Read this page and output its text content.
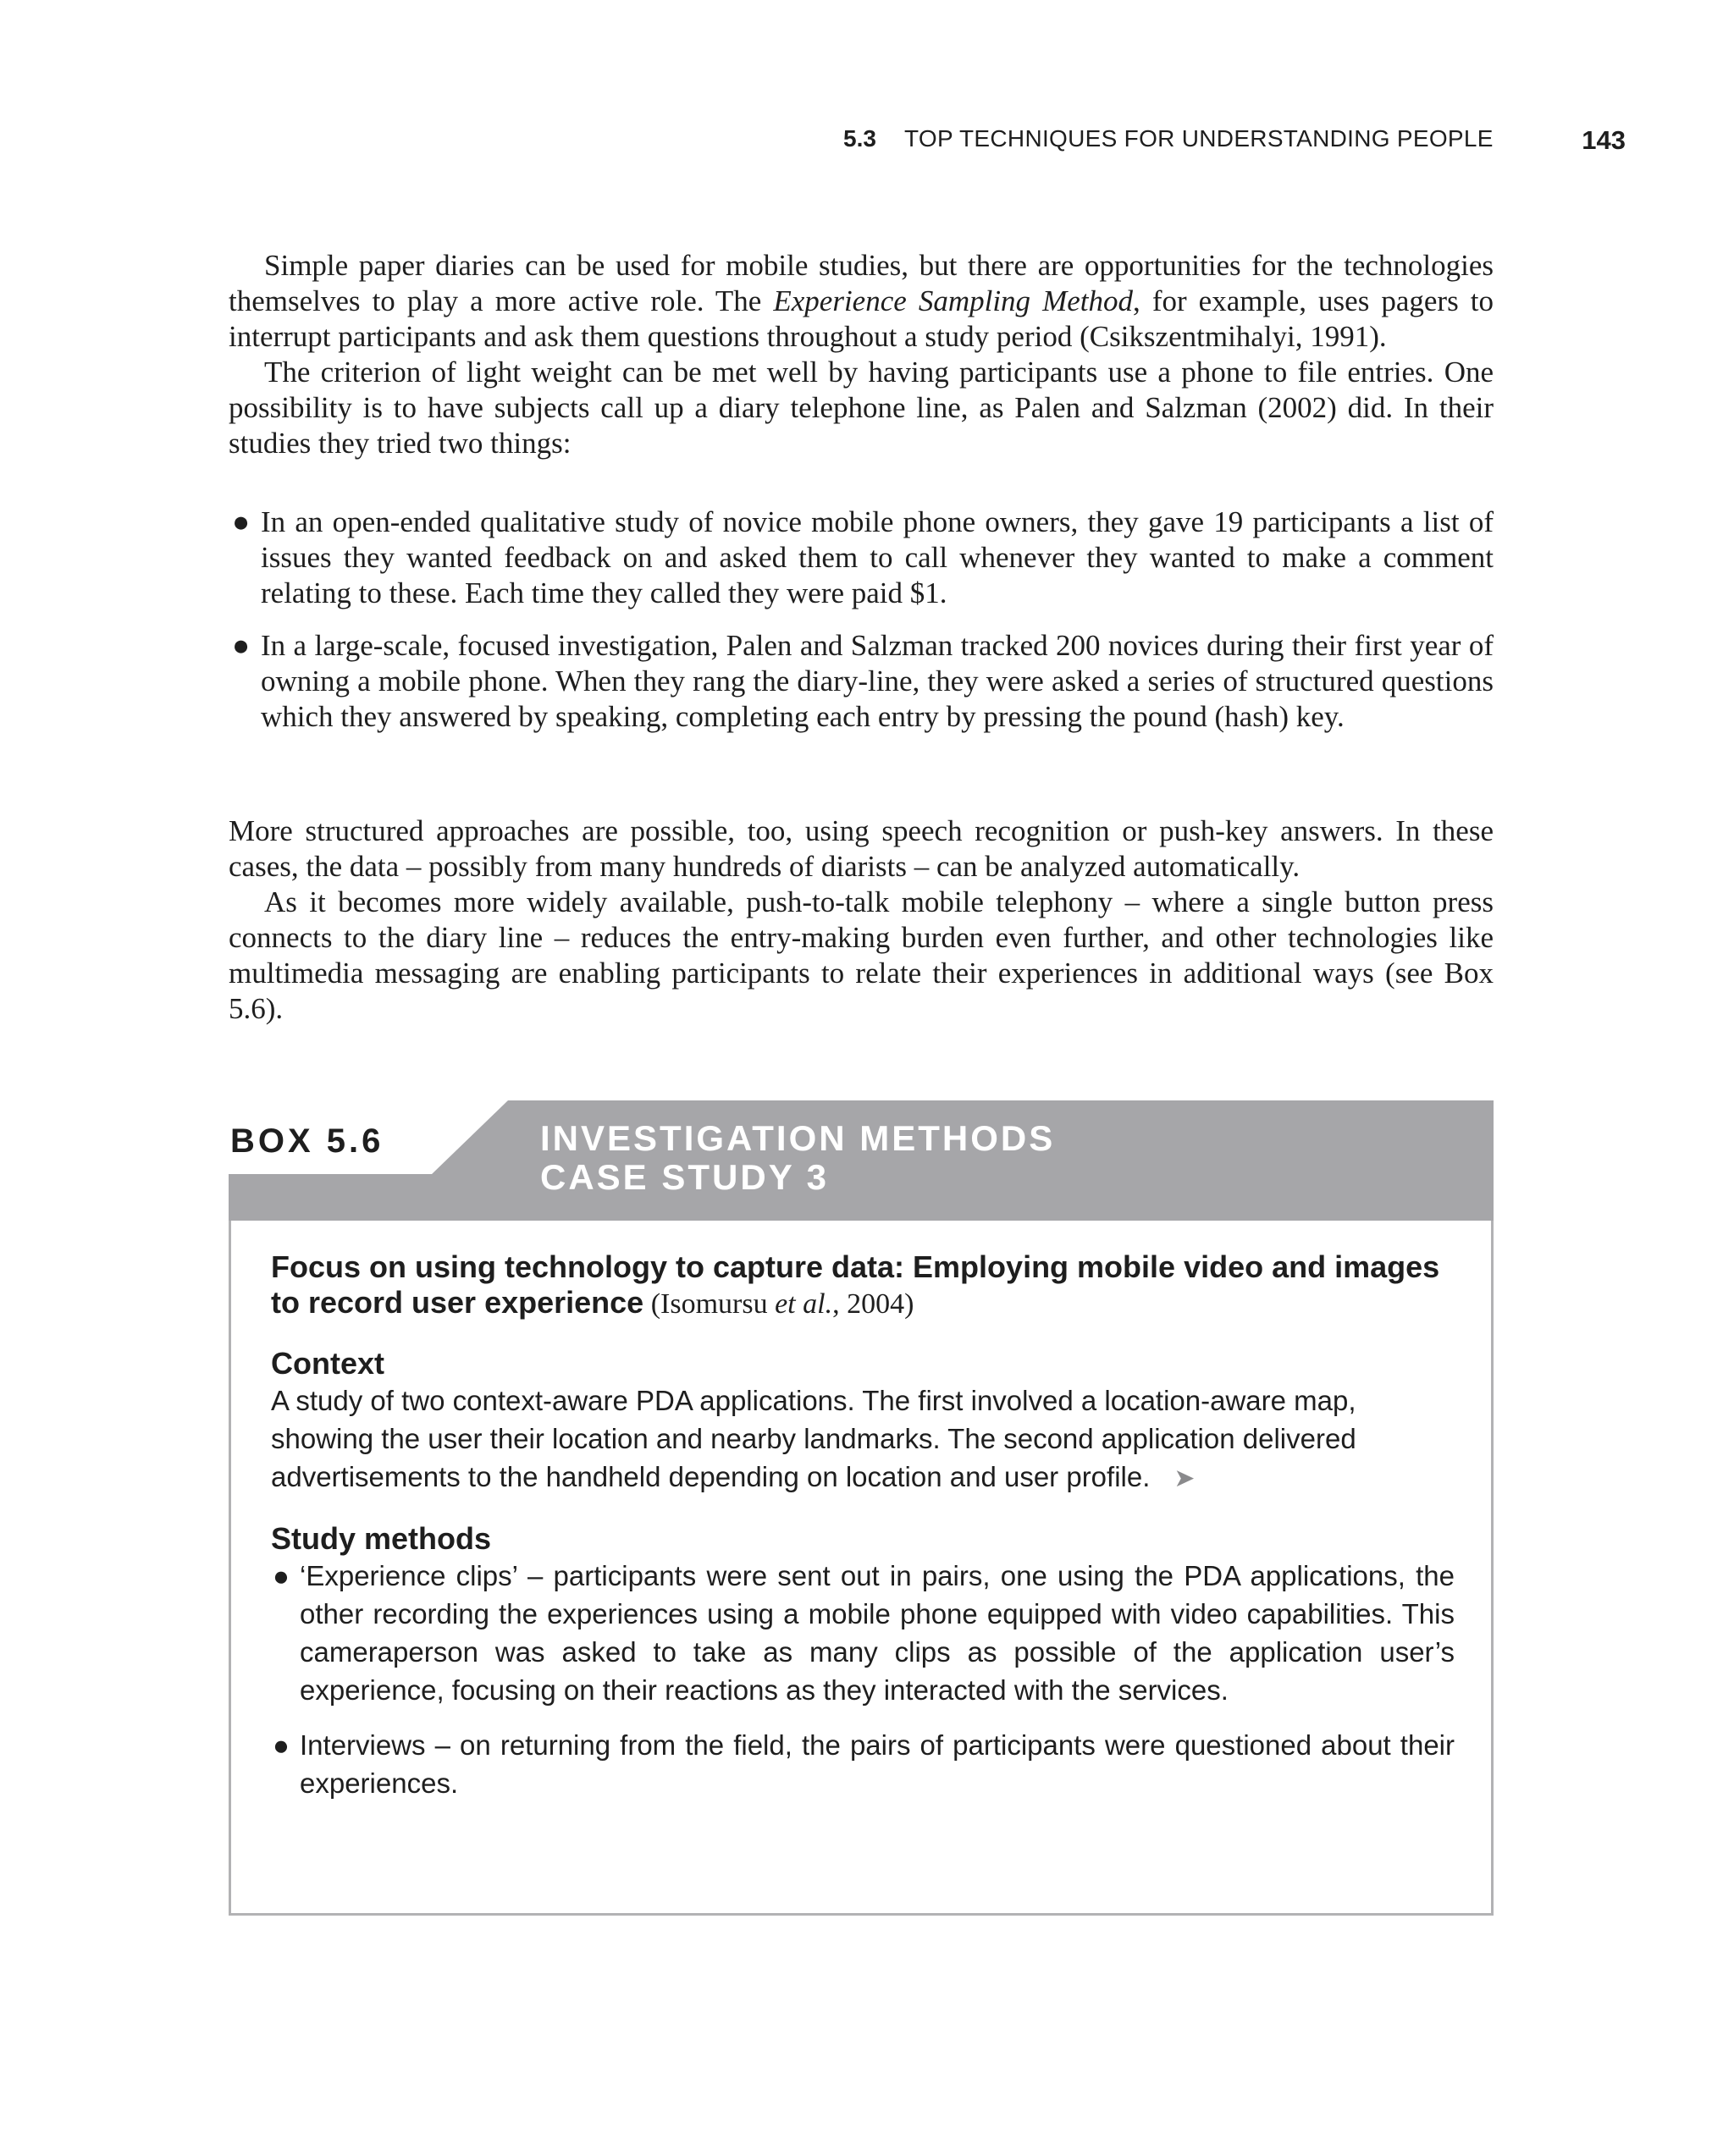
5.3 TOP TECHNIQUES FOR UNDERSTANDING PEOPLE	143

Simple paper diaries can be used for mobile studies, but there are opportunities for the technologies themselves to play a more active role. The Experience Sampling Method, for example, uses pagers to interrupt participants and ask them questions throughout a study period (Csikszentmihalyi, 1991).

The criterion of light weight can be met well by having participants use a phone to file entries. One possibility is to have subjects call up a diary telephone line, as Palen and Salzman (2002) did. In their studies they tried two things:

● In an open-ended qualitative study of novice mobile phone owners, they gave 19 participants a list of issues they wanted feedback on and asked them to call whenever they wanted to make a comment relating to these. Each time they called they were paid $1.
● In a large-scale, focused investigation, Palen and Salzman tracked 200 novices during their first year of owning a mobile phone. When they rang the diary-line, they were asked a series of structured questions which they answered by speaking, completing each entry by pressing the pound (hash) key.

More structured approaches are possible, too, using speech recognition or push-key answers. In these cases, the data – possibly from many hundreds of diarists – can be analyzed automatically.

As it becomes more widely available, push-to-talk mobile telephony – where a single button press connects to the diary line – reduces the entry-making burden even further, and other technologies like multimedia messaging are enabling participants to relate their experiences in additional ways (see Box 5.6).

BOX 5.6	INVESTIGATION METHODS
CASE STUDY 3

Focus on using technology to capture data: Employing mobile video and images to record user experience (Isomursu et al., 2004)

Context

A study of two context-aware PDA applications. The first involved a location-aware map, showing the user their location and nearby landmarks. The second application delivered advertisements to the handheld depending on location and user profile. ➤

Study methods

● ‘Experience clips’ – participants were sent out in pairs, one using the PDA applications, the other recording the experiences using a mobile phone equipped with video capabilities. This cameraperson was asked to take as many clips as possible of the application user’s experience, focusing on their reactions as they interacted with the services.
● Interviews – on returning from the field, the pairs of participants were questioned about their experiences.
